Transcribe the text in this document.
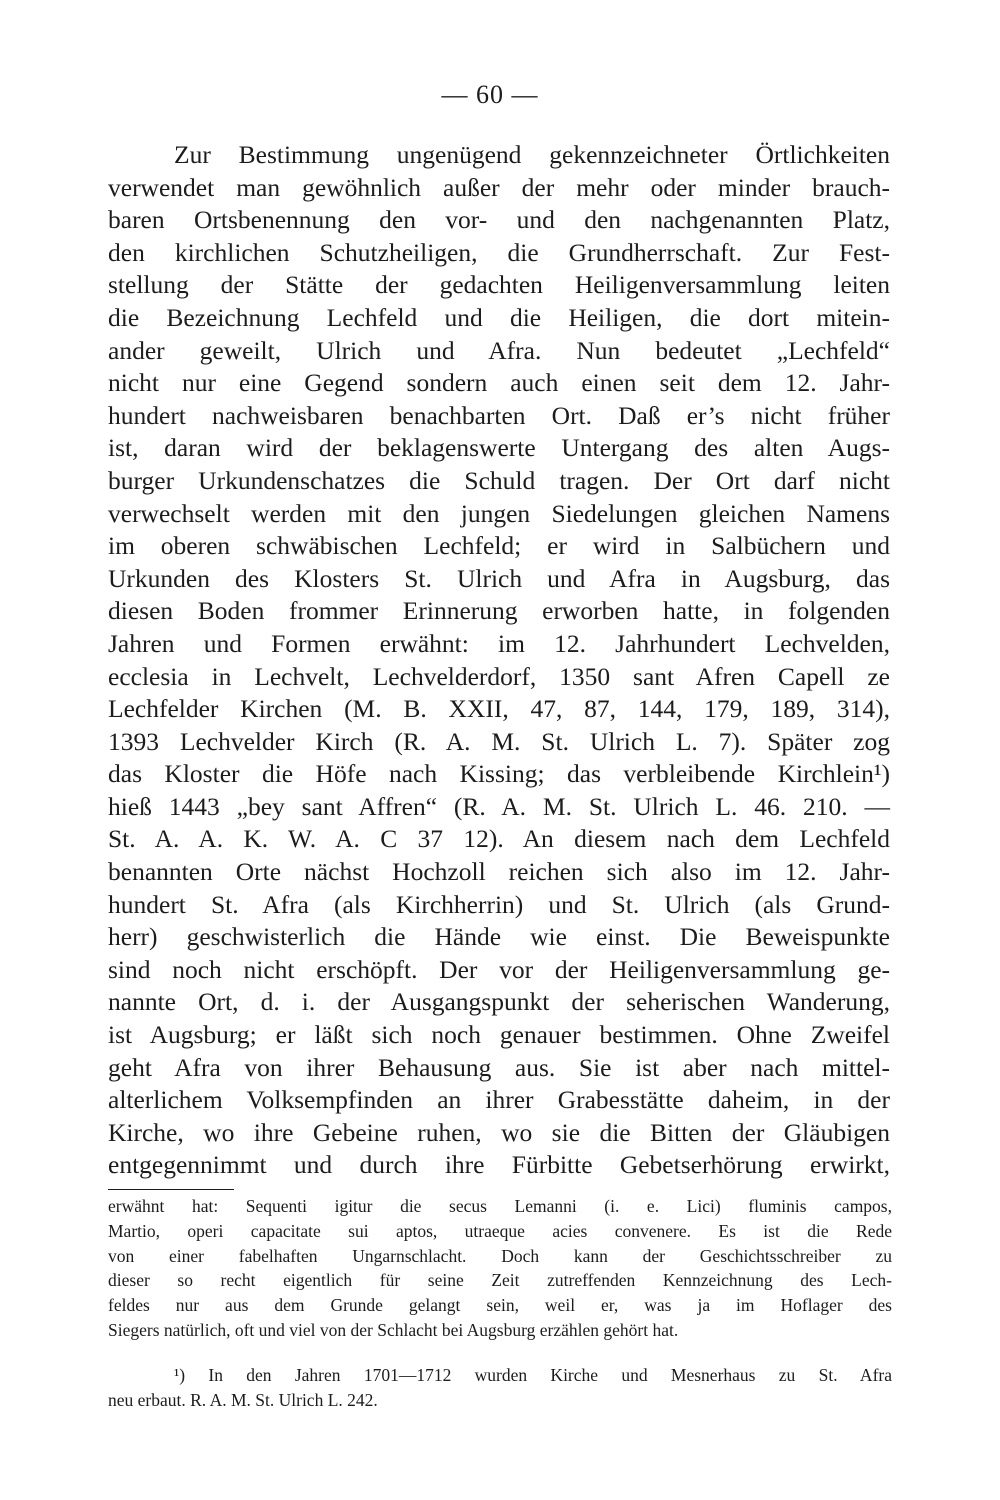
— 60 —
Zur Bestimmung ungenügend gekennzeichneter Örtlichkeiten
verwendet man gewöhnlich außer der mehr oder minder brauch-
baren Ortsbenennung den vor- und den nachgenannten Platz,
den kirchlichen Schutzheiligen, die Grundherrschaft. Zur Fest-
stellung der Stätte der gedachten Heiligenversammlung leiten
die Bezeichnung Lechfeld und die Heiligen, die dort mitein-
ander geweilt, Ulrich und Afra. Nun bedeutet „Lechfeld“
nicht nur eine Gegend sondern auch einen seit dem 12. Jahr-
hundert nachweisbaren benachbarten Ort. Daß er’s nicht früher
ist, daran wird der beklagenswerte Untergang des alten Augs-
burger Urkundenschatzes die Schuld tragen. Der Ort darf nicht
verwechselt werden mit den jungen Siedelungen gleichen Namens
im oberen schwäbischen Lechfeld; er wird in Salbüchern und
Urkunden des Klosters St. Ulrich und Afra in Augsburg, das
diesen Boden frommer Erinnerung erworben hatte, in folgenden
Jahren und Formen erwähnt: im 12. Jahrhundert Lechvelden,
ecclesia in Lechvelt, Lechvelderdorf, 1350 sant Afren Capell ze
Lechfelder Kirchen (M. B. XXII, 47, 87, 144, 179, 189, 314),
1393 Lechvelder Kirch (R. A. M. St. Ulrich L. 7). Später zog
das Kloster die Höfe nach Kissing; das verbleibende Kirchlein¹)
hieß 1443 „bey sant Affren“ (R. A. M. St. Ulrich L. 46. 210. —
St. A. A. K. W. A. C 37 12). An diesem nach dem Lechfeld
benannten Orte nächst Hochzoll reichen sich also im 12. Jahr-
hundert St. Afra (als Kirchherrin) und St. Ulrich (als Grund-
herr) geschwisterlich die Hände wie einst. Die Beweispunkte
sind noch nicht erschöpft. Der vor der Heiligenversammlung ge-
nannte Ort, d. i. der Ausgangspunkt der seherischen Wanderung,
ist Augsburg; er läßt sich noch genauer bestimmen. Ohne Zweifel
geht Afra von ihrer Behausung aus. Sie ist aber nach mittel-
alterlichem Volksempfinden an ihrer Grabesstätte daheim, in der
Kirche, wo ihre Gebeine ruhen, wo sie die Bitten der Gläubigen
entgegennimmt und durch ihre Fürbitte Gebetserhörung erwirkt,
erwähnt hat: Sequenti igitur die secus Lemanni (i. e. Lici) fluminis campos,
Martio, operi capacitate sui aptos, utraeque acies convenere. Es ist die Rede
von einer fabelhaften Ungarnschlacht. Doch kann der Geschichtsschreiber zu
dieser so recht eigentlich für seine Zeit zutreffenden Kennzeichnung des Lech-
feldes nur aus dem Grunde gelangt sein, weil er, was ja im Hoflager des
Siegers natürlich, oft und viel von der Schlacht bei Augsburg erzählen gehört hat.
¹) In den Jahren 1701—1712 wurden Kirche und Mesnerhaus zu St. Afra
neu erbaut. R. A. M. St. Ulrich L. 242.
